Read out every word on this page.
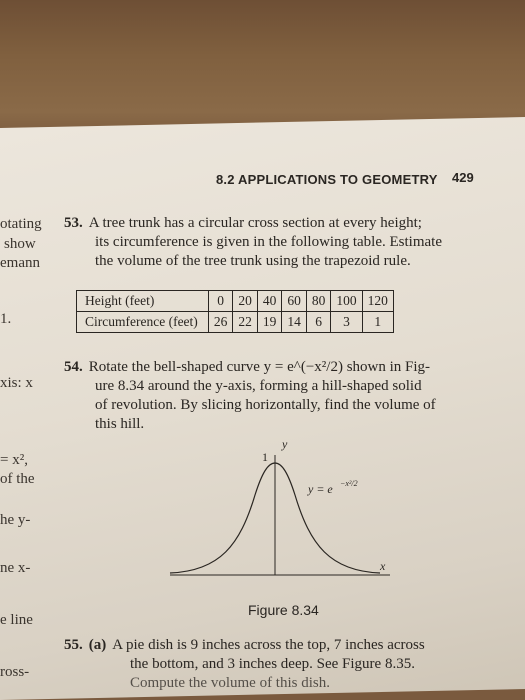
8.2 APPLICATIONS TO GEOMETRY 429
otating
show
emann
1.
xis: x
= x²,
of the
he y-
ne x-
e line
ross-
53. A tree trunk has a circular cross section at every height;
its circumference is given in the following table. Estimate
the volume of the tree trunk using the trapezoid rule.
Height (feet)	0	20	40	60	80	100	120
Circumference (feet)	26	22	19	14	6	3	1
54. Rotate the bell-shaped curve y = e^(−x²/2) shown in Fig-
ure 8.34 around the y-axis, forming a hill-shaped solid
of revolution. By slicing horizontally, find the volume of
this hill.
y
1
y = e −x²/2
x
Figure 8.34
55. (a) A pie dish is 9 inches across the top, 7 inches across
the bottom, and 3 inches deep. See Figure 8.35.
Compute the volume of this dish.
